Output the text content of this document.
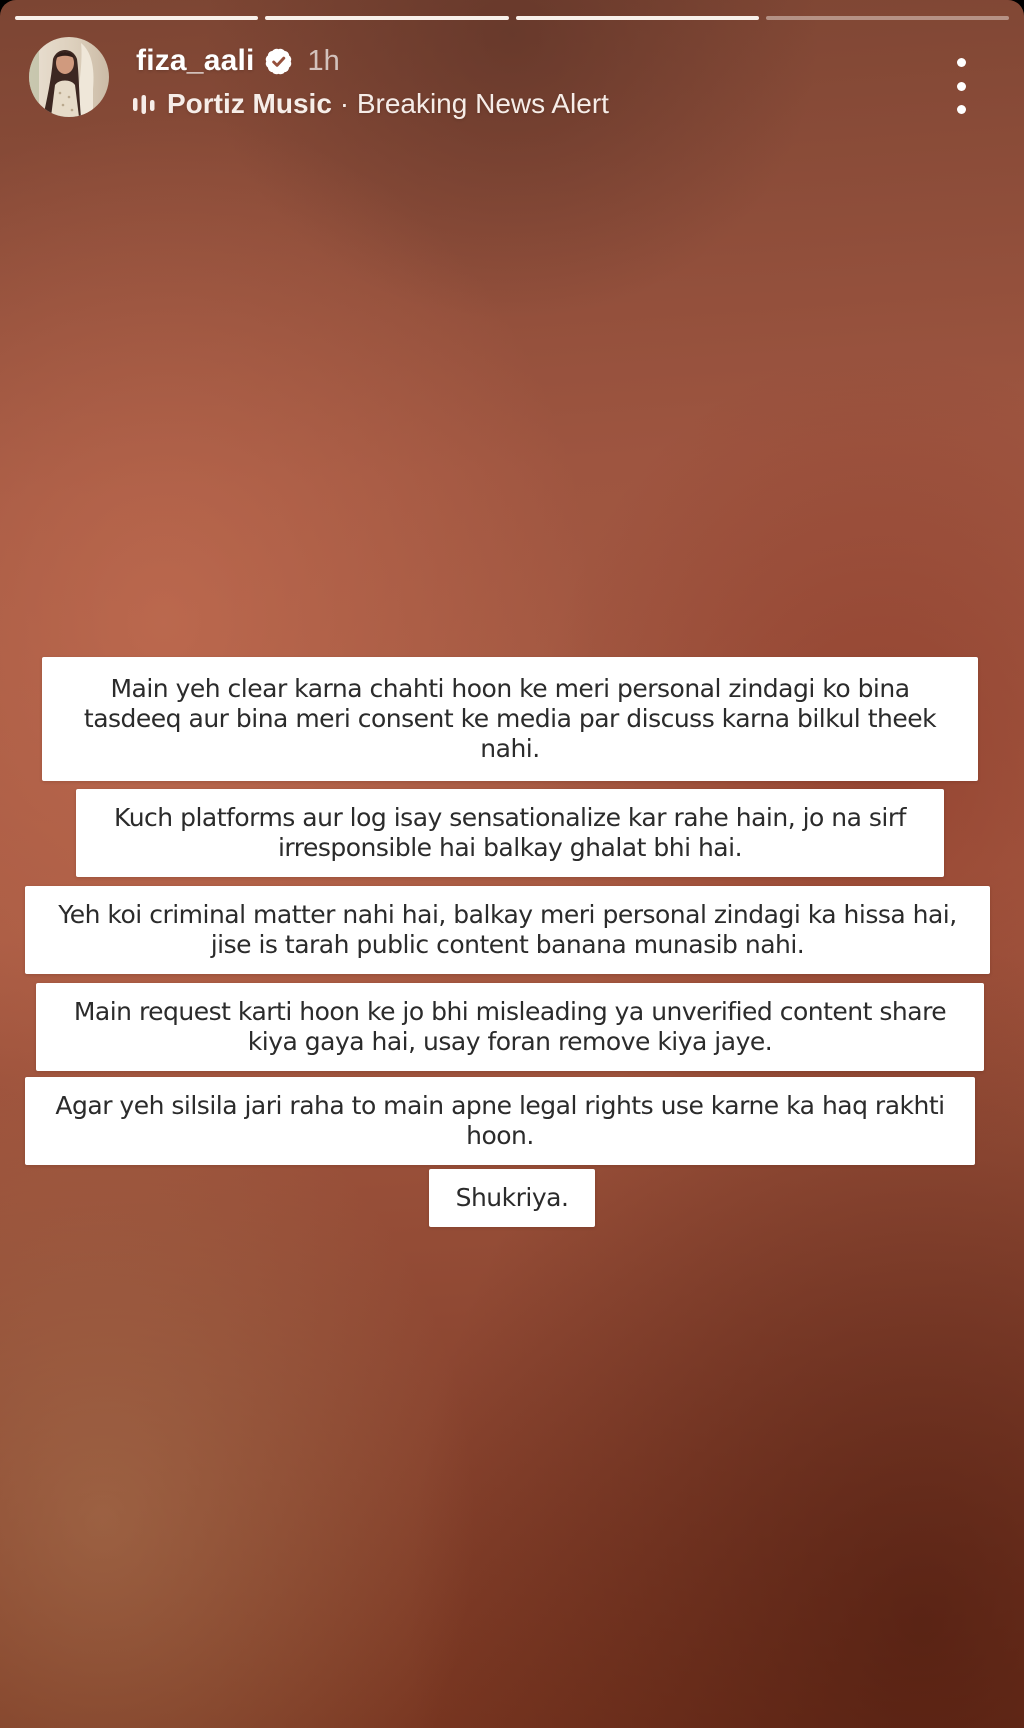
fiza_aali 1h
Portiz Music · Breaking News Alert
Main yeh clear karna chahti hoon ke meri personal zindagi ko bina
tasdeeq aur bina meri consent ke media par discuss karna bilkul theek
nahi.
Kuch platforms aur log isay sensationalize kar rahe hain, jo na sirf
irresponsible hai balkay ghalat bhi hai.
Yeh koi criminal matter nahi hai, balkay meri personal zindagi ka hissa hai,
jise is tarah public content banana munasib nahi.
Main request karti hoon ke jo bhi misleading ya unverified content share
kiya gaya hai, usay foran remove kiya jaye.
Agar yeh silsila jari raha to main apne legal rights use karne ka haq rakhti
hoon.
Shukriya.
